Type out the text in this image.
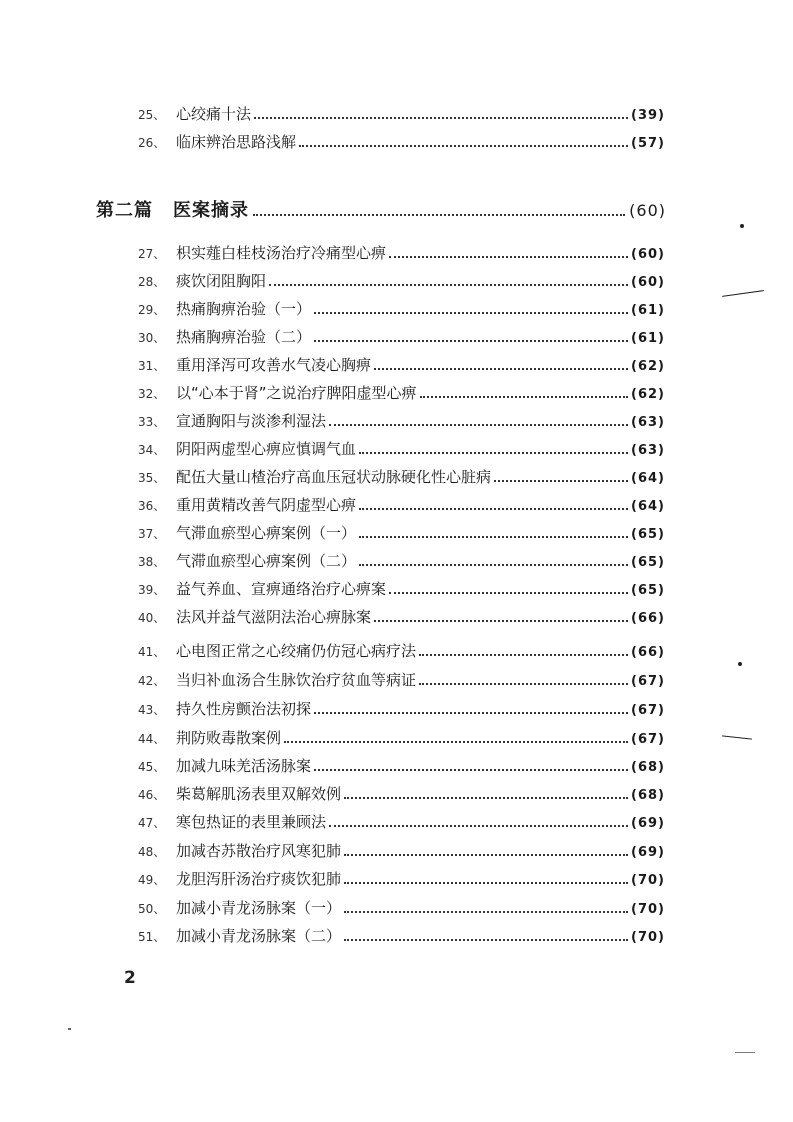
25、 心绞痛十法	(39)
26、 临床辨治思路浅解	(57)
第二篇 医案摘录	(60)
27、 枳实薤白桂枝汤治疗冷痛型心痹	(60)
28、 痰饮闭阻胸阳	(60)
29、 热痛胸痹治验（一）	(61)
30、 热痛胸痹治验（二）	(61)
31、 重用泽泻可攻善水气凌心胸痹	(62)
32、 以“心本于肾”之说治疗脾阳虚型心痹	(62)
33、 宣通胸阳与淡渗利湿法	(63)
34、 阴阳两虚型心痹应慎调气血	(63)
35、 配伍大量山楂治疗高血压冠状动脉硬化性心脏病	(64)
36、 重用黄精改善气阴虚型心痹	(64)
37、 气滞血瘀型心痹案例（一）	(65)
38、 气滞血瘀型心痹案例（二）	(65)
39、 益气养血、宣痹通络治疗心痹案	(65)
40、 法风并益气滋阴法治心痹脉案	(66)
41、 心电图正常之心绞痛仍仿冠心病疗法	(66)
42、 当归补血汤合生脉饮治疗贫血等病证	(67)
43、 持久性房颤治法初探	(67)
44、 荆防败毒散案例	(67)
45、 加减九味羌活汤脉案	(68)
46、 柴葛解肌汤表里双解效例	(68)
47、 寒包热证的表里兼顾法	(69)
48、 加减杏苏散治疗风寒犯肺	(69)
49、 龙胆泻肝汤治疗痰饮犯肺	(70)
50、 加减小青龙汤脉案（一）	(70)
51、 加减小青龙汤脉案（二）	(70)
2
